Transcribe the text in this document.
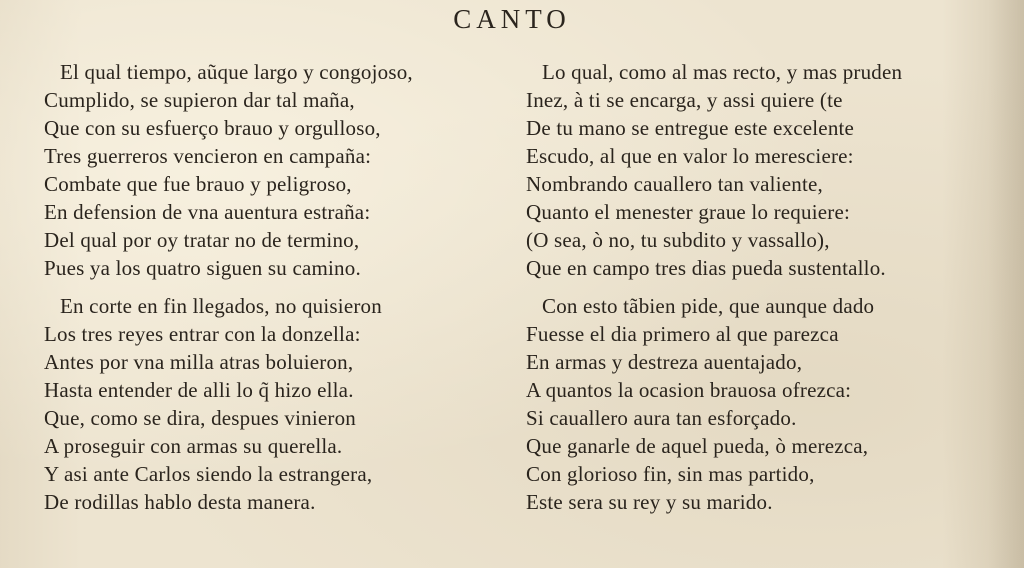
CANTO
El qual tiempo, aũque largo y congojoso,
Cumplido, se supieron dar tal maña,
Que con su esfuerço brauo y orgulloso,
Tres guerreros vencieron en campaña:
Combate que fue brauo y peligroso,
En defension de vna auentura estraña:
Del qual por oy tratar no de termino,
Pues ya los quatro siguen su camino.
En corte en fin llegados, no quisieron
Los tres reyes entrar con la donzella:
Antes por vna milla atras boluieron,
Hasta entender de alli lo q̃ hizo ella.
Que, como se dira, despues vinieron
A proseguir con armas su querella.
Y asi ante Carlos siendo la estrangera,
De rodillas hablo desta manera.
Lo qual, como al mas recto, y mas pruden
Inez, à ti se encarga, y assi quiere (te
De tu mano se entregue este excelente
Escudo, al que en valor lo meresciere:
Nombrando cauallero tan valiente,
Quanto el menester graue lo requiere:
(O sea, ò no, tu subdito y vassallo),
Que en campo tres dias pueda sustentallo.
Con esto tãbien pide, que aunque dado
Fuesse el dia primero al que parezca
En armas y destreza auentajado,
A quantos la ocasion brauosa ofrezca:
Si cauallero aura tan esforçado.
Que ganarle de aquel pueda, ò merezca,
Con glorioso fin, sin mas partido,
Este sera su rey y su marido.
